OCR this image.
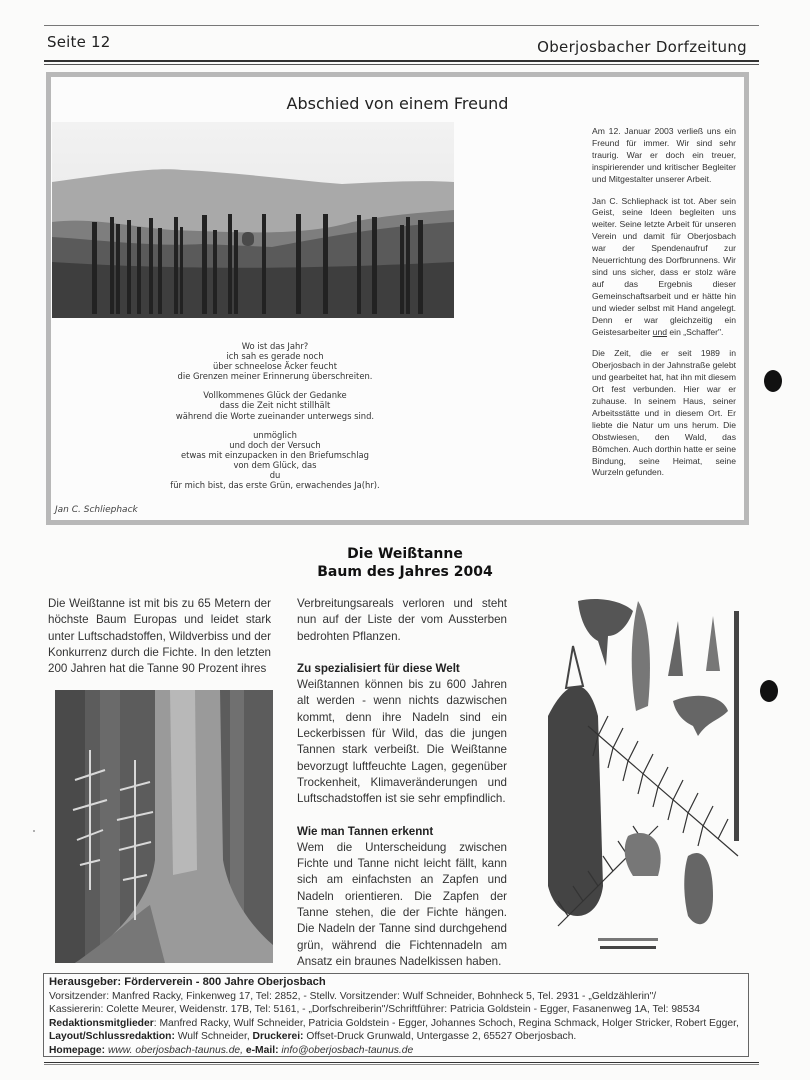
Seite 12	Oberjosbacher Dorfzeitung
Abschied von einem Freund
Wo ist das Jahr?
ich sah es gerade noch
über schneelose Äcker feucht
die Grenzen meiner Erinnerung überschreiten.
Vollkommenes Glück der Gedanke
dass die Zeit nicht stillhält
während die Worte zueinander unterwegs sind.
unmöglich
und doch der Versuch
etwas mit einzupacken in den Briefumschlag
von dem Glück, das
du
für mich bist, das erste Grün, erwachendes Ja(hr).
Jan C. Schliephack

Am 12. Januar 2003 verließ uns ein Freund für immer. Wir sind sehr traurig. War er doch ein treuer, inspirierender und kritischer Begleiter und Mitgestalter unserer Arbeit.

Jan C. Schliephack ist tot. Aber sein Geist, seine Ideen begleiten uns weiter. Seine letzte Arbeit für unseren Verein und damit für Oberjosbach war der Spendenaufruf zur Neuerrichtung des Dorfbrunnens. Wir sind uns sicher, dass er stolz wäre auf das Ergebnis dieser Gemeinschaftsarbeit und er hätte hin und wieder selbst mit Hand angelegt. Denn er war gleichzeitig ein Geistesarbeiter und ein „Schaffer".

Die Zeit, die er seit 1989 in Oberjosbach in der Jahnstraße gelebt und gearbeitet hat, hat ihn mit diesem Ort fest verbunden. Hier war er zuhause. In seinem Haus, seiner Arbeitsstätte und in diesem Ort. Er liebte die Natur um uns herum. Die Obstwiesen, den Wald, das Bömchen. Auch dorthin hatte er seine Bindung, seine Heimat, seine Wurzeln gefunden.

Die Weißtanne
Baum des Jahres 2004
Die Weißtanne ist mit bis zu 65 Metern der höchste Baum Europas und leidet stark unter Luftschadstoffen, Wildverbiss und der Konkurrenz durch die Fichte. In den letzten 200 Jahren hat die Tanne 90 Prozent ihres

Verbreitungsareals verloren und steht nun auf der Liste der vom Aussterben bedrohten Pflanzen.

Zu spezialisiert für diese Welt

Weißtannen können bis zu 600 Jahren alt werden - wenn nichts dazwischen kommt, denn ihre Nadeln sind ein Leckerbissen für Wild, das die jungen Tannen stark verbeißt. Die Weißtanne bevorzugt luftfeuchte Lagen, gegenüber Trockenheit, Klimaveränderungen und Luftschadstoffen ist sie sehr empfindlich.

Wie man Tannen erkennt

Wem die Unterscheidung zwischen Fichte und Tanne nicht leicht fällt, kann sich am einfachsten an Zapfen und Nadeln orientieren. Die Zapfen der Tanne stehen, die der Fichte hängen. Die Nadeln der Tanne sind durchgehend grün, während die Fichtennadeln am Ansatz ein braunes Nadelkissen haben.

Herausgeber: Förderverein - 800 Jahre Oberjosbach
Vorsitzender: Manfred Racky, Finkenweg 17, Tel: 2852, - Stellv. Vorsitzender: Wulf Schneider, Bohnheck 5, Tel. 2931 - „Geldzählerin"/
Kassiererin: Colette Meurer, Weidenstr. 17B, Tel: 5161, - „Dorfschreiberin"/Schriftführer: Patricia Goldstein - Egger, Fasanenweg 1A, Tel: 98534
Redaktionsmitglieder: Manfred Racky, Wulf Schneider, Patricia Goldstein - Egger, Johannes Schoch, Regina Schmack, Holger Stricker, Robert Egger, Layout/Schlussredaktion: Wulf Schneider, Druckerei: Offset-Druck Grunwald, Untergasse 2, 65527 Oberjosbach.
Homepage: www. oberjosbach-taunus.de, e-Mail: info@oberjosbach-taunus.de
